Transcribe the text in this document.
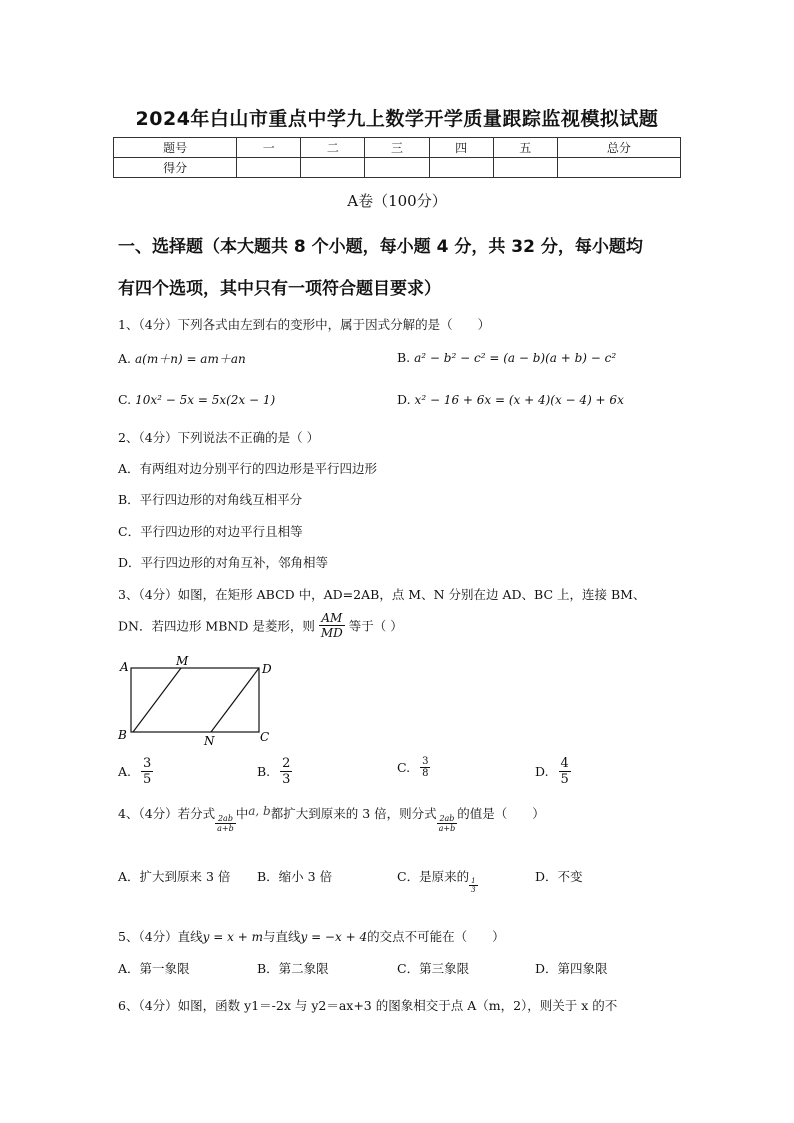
2024年白山市重点中学九上数学开学质量跟踪监视模拟试题
题号	一	二	三	四	五	总分
得分						
A卷（100分）
一、选择题（本大题共 8 个小题，每小题 4 分，共 32 分，每小题均
有四个选项，其中只有一项符合题目要求）
1、（4分）下列各式由左到右的变形中，属于因式分解的是（　　）
A. a(m＋n) = am＋an	B. a² − b² − c² = (a − b)(a + b) − c²
C. 10x² − 5x = 5x(2x − 1)	D. x² − 16 + 6x = (x + 4)(x − 4) + 6x
2、（4分）下列说法不正确的是（ ）
A．有两组对边分别平行的四边形是平行四边形
B．平行四边形的对角线互相平分
C．平行四边形的对边平行且相等
D．平行四边形的对角互补，邻角相等
3、（4分）如图，在矩形 ABCD 中，AD=2AB，点 M、N 分别在边 AD、BC 上，连接 BM、
DN．若四边形 MBND 是菱形，则 $\frac{AM}{MD}$ 等于（ ）
A	M
D
B	N	C
A. $\frac{3}{5}$	B. $\frac{2}{3}$	C. $\frac{3}{8}$	D. $\frac{4}{5}$
4、（4分）若分式
$\frac{2ab}{a+b}$
中a, b都扩大到原来的 3 倍，则分式
$\frac{2ab}{a+b}$
的值是（　　）
A．扩大到原来 3 倍 B．缩小 3 倍	C．是原来的
$\frac{1}{3}$
D．不变
5、（4分）直线y = x + m与直线y = −x + 4的交点不可能在（　　）
A．第一象限	B．第二象限	C．第三象限	D．第四象限
6、（4分）如图，函数 y1＝-2x 与 y2＝ax+3 的图象相交于点 A（m，2），则关于 x 的不
